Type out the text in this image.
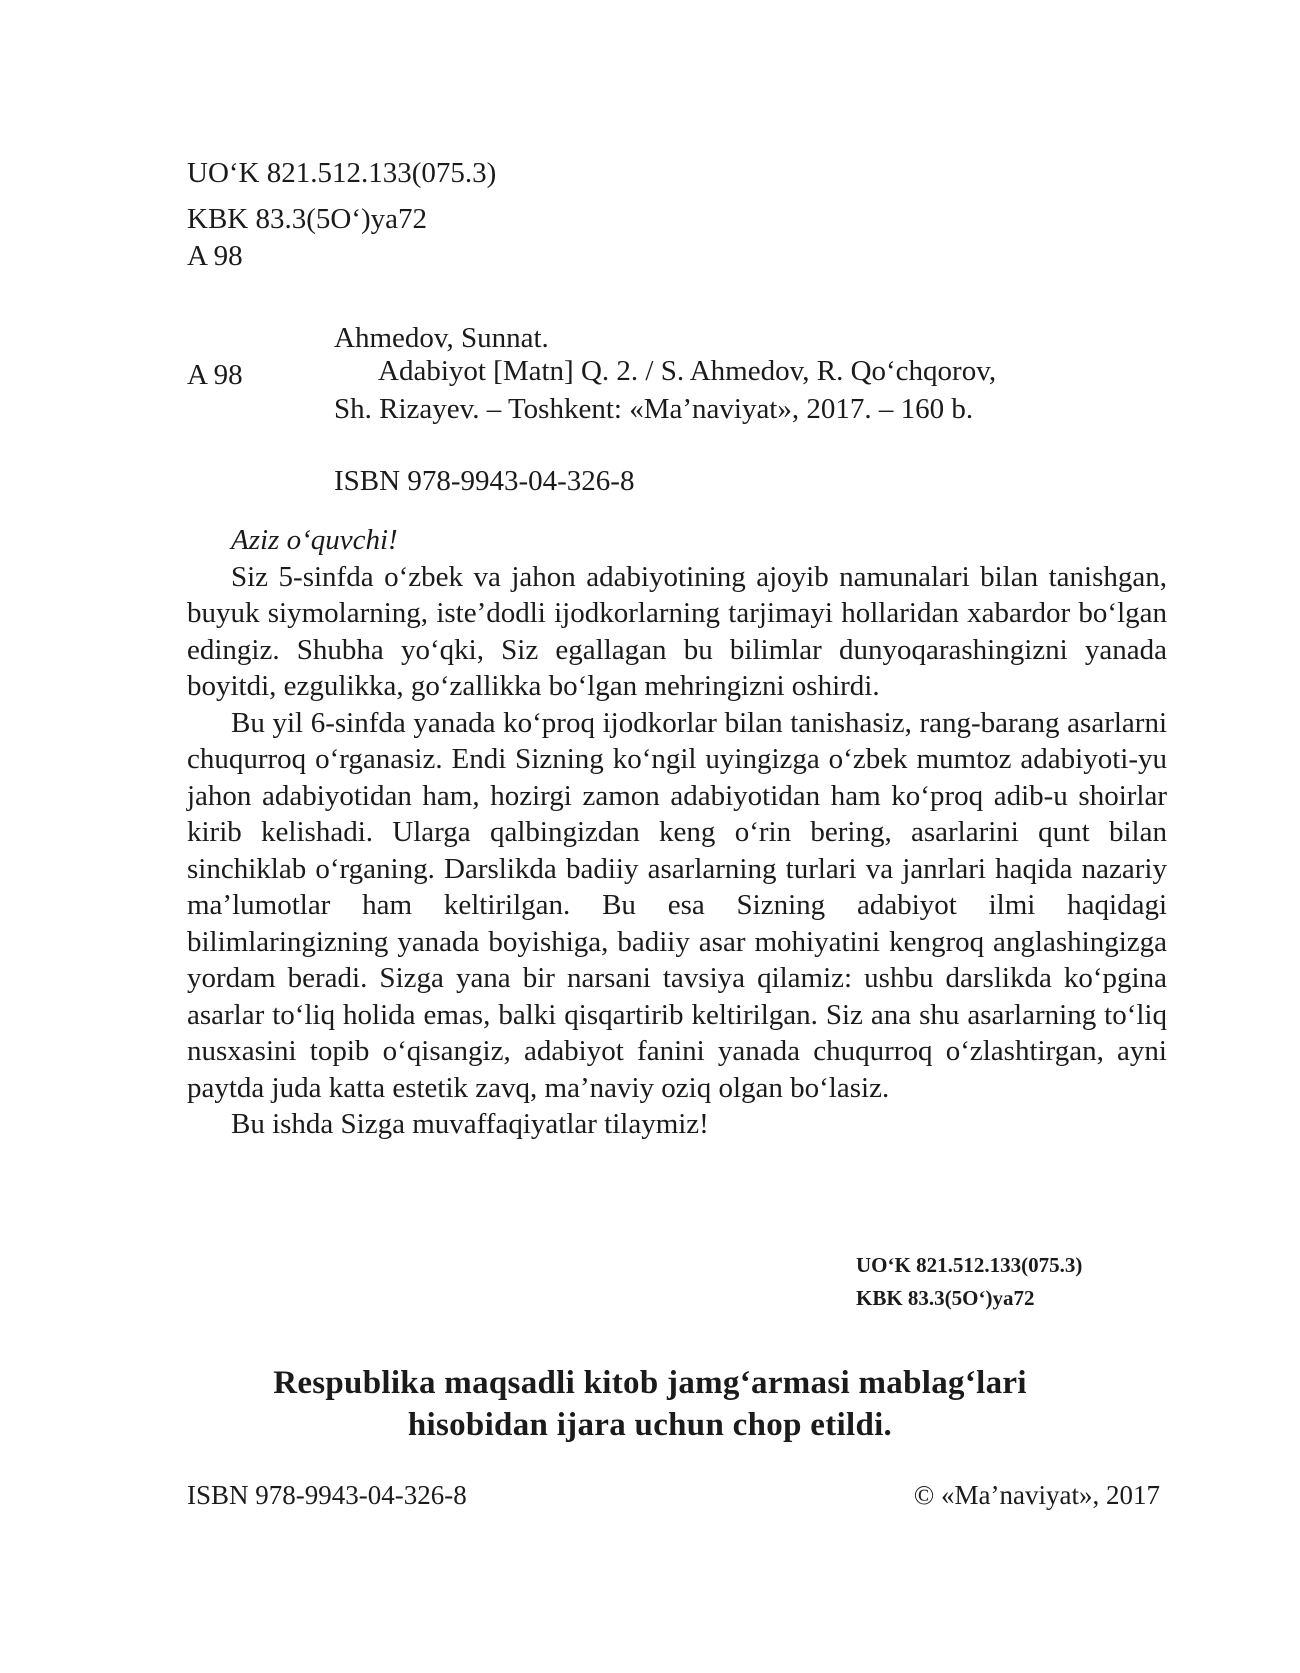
UO‘K 821.512.133(075.3)
KBK 83.3(5O‘)ya72
A 98
Ahmedov, Sunnat.
A 98	Adabiyot [Matn] Q. 2. / S. Ahmedov, R. Qo‘chqorov,
Sh. Rizayev. – Toshkent: «Ma’naviyat», 2017. – 160 b.
ISBN 978-9943-04-326-8

Aziz o‘quvchi!

Siz 5-sinfda o‘zbek va jahon adabiyotining ajoyib namunalari bilan tanishgan, buyuk siymolarning, iste’dodli ijodkorlarning tarjimayi hollaridan xabardor bo‘lgan edingiz. Shubha yo‘qki, Siz egallagan bu bilimlar dunyoqarashingizni yanada boyitdi, ezgulikka, go‘zallikka bo‘lgan mehringizni oshirdi.

Bu yil 6-sinfda yanada ko‘proq ijodkorlar bilan tanishasiz, rang-barang asarlarni chuqurroq o‘rganasiz. Endi Sizning ko‘ngil uyingizga o‘zbek mumtoz adabiyoti-yu jahon adabiyotidan ham, hozirgi zamon adabiyotidan ham ko‘proq adib-u shoirlar kirib kelishadi. Ularga qalbingizdan keng o‘rin bering, asarlarini qunt bilan sinchiklab o‘rganing. Darslikda badiiy asarlarning turlari va janrlari haqida nazariy ma’lumotlar ham keltirilgan. Bu esa Sizning adabiyot ilmi haqidagi bilimlaringizning yanada boyishiga, badiiy asar mohiyatini kengroq anglashingizga yordam beradi. Sizga yana bir narsani tavsiya qilamiz: ushbu darslikda ko‘pgina asarlar to‘liq holida emas, balki qisqartirib keltirilgan. Siz ana shu asarlarning to‘liq nusxasini topib o‘qisangiz, adabiyot fanini yanada chuqurroq o‘zlashtirgan, ayni paytda juda katta estetik zavq, ma’naviy oziq olgan bo‘lasiz.

Bu ishda Sizga muvaffaqiyatlar tilaymiz!

UO‘K 821.512.133(075.3)
KBK 83.3(5O‘)ya72
Respublika maqsadli kitob jamg‘armasi mablag‘lari
hisobidan ijara uchun chop etildi.
ISBN 978-9943-04-326-8	© «Ma’naviyat», 2017
